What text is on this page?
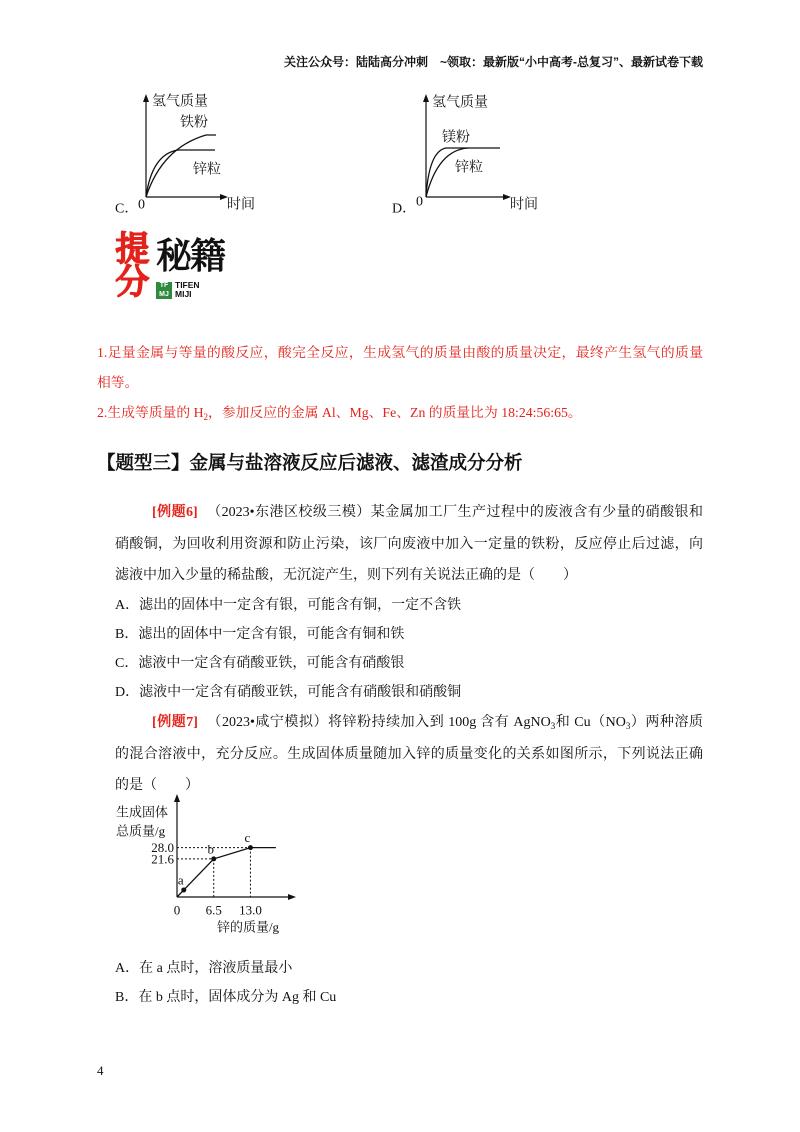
关注公众号：陆陆高分冲刺　~领取：最新版“小中高考-总复习”、最新试卷下载
氢气质量
铁粉
锌粒
0	时间
C．
氢气质量
镁粉
锌粒
0	时间
D．
提
分
秘籍
TF
MJ
TIFEN
MIJI
1.足量金属与等量的酸反应，酸完全反应，生成氢气的质量由酸的质量决定，最终产生氢气的质量
相等。
2.生成等质量的 $H_2$，参加反应的金属 Al、Mg、Fe、Zn 的质量比为 18:24:56:65。
【题型三】金属与盐溶液反应后滤液、滤渣成分分析
[例题6] （2023•东港区校级三模）某金属加工厂生产过程中的废液含有少量的硝酸银和
硝酸铜，为回收利用资源和防止污染，该厂向废液中加入一定量的铁粉，反应停止后过滤，向
滤液中加入少量的稀盐酸，无沉淀产生，则下列有关说法正确的是（　　）
A．滤出的固体中一定含有银，可能含有铜，一定不含铁
B．滤出的固体中一定含有银，可能含有铜和铁
C．滤液中一定含有硝酸亚铁，可能含有硝酸银
D．滤液中一定含有硝酸亚铁，可能含有硝酸银和硝酸铜
[例题7] （2023•咸宁模拟）将锌粉持续加入到 100g 含有 AgNO$_3$和 $Cu(NO_3)$两种溶质
的混合溶液中，充分反应。生成固体质量随加入锌的质量变化的关系如图所示，下列说法正确
的是（　　）
生成固体
总质量/g
锌的质量/g
a
b
c
28.0
21.6
0 6.5 13.0
A．在 a 点时，溶液质量最小
B．在 b 点时，固体成分为 Ag 和 Cu
4
